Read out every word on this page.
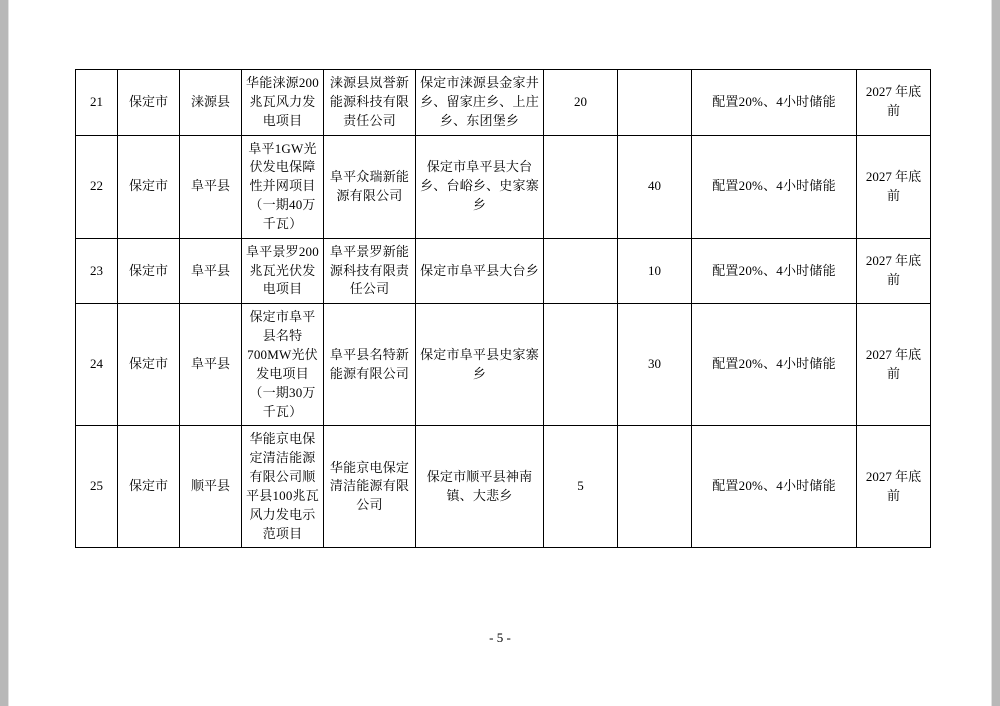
21	保定市	涞源县	华能涞源200兆瓦风力发电项目	涞源县岚誉新能源科技有限责任公司	保定市涞源县金家井乡、留家庄乡、上庄乡、东团堡乡	20		配置20%、4小时储能	2027 年底前
22	保定市	阜平县	阜平1GW光伏发电保障性并网项目（一期40万千瓦）	阜平众瑞新能源有限公司	保定市阜平县大台乡、台峪乡、史家寨乡		40	配置20%、4小时储能	2027 年底前
23	保定市	阜平县	阜平景罗200兆瓦光伏发电项目	阜平景罗新能源科技有限责任公司	保定市阜平县大台乡		10	配置20%、4小时储能	2027 年底前
24	保定市	阜平县	保定市阜平县名特700MW光伏发电项目（一期30万千瓦）	阜平县名特新能源有限公司	保定市阜平县史家寨乡		30	配置20%、4小时储能	2027 年底前
25	保定市	顺平县	华能京电保定清洁能源有限公司顺平县100兆瓦风力发电示范项目	华能京电保定清洁能源有限公司	保定市顺平县神南镇、大悲乡	5		配置20%、4小时储能	2027 年底前
- 5 -
